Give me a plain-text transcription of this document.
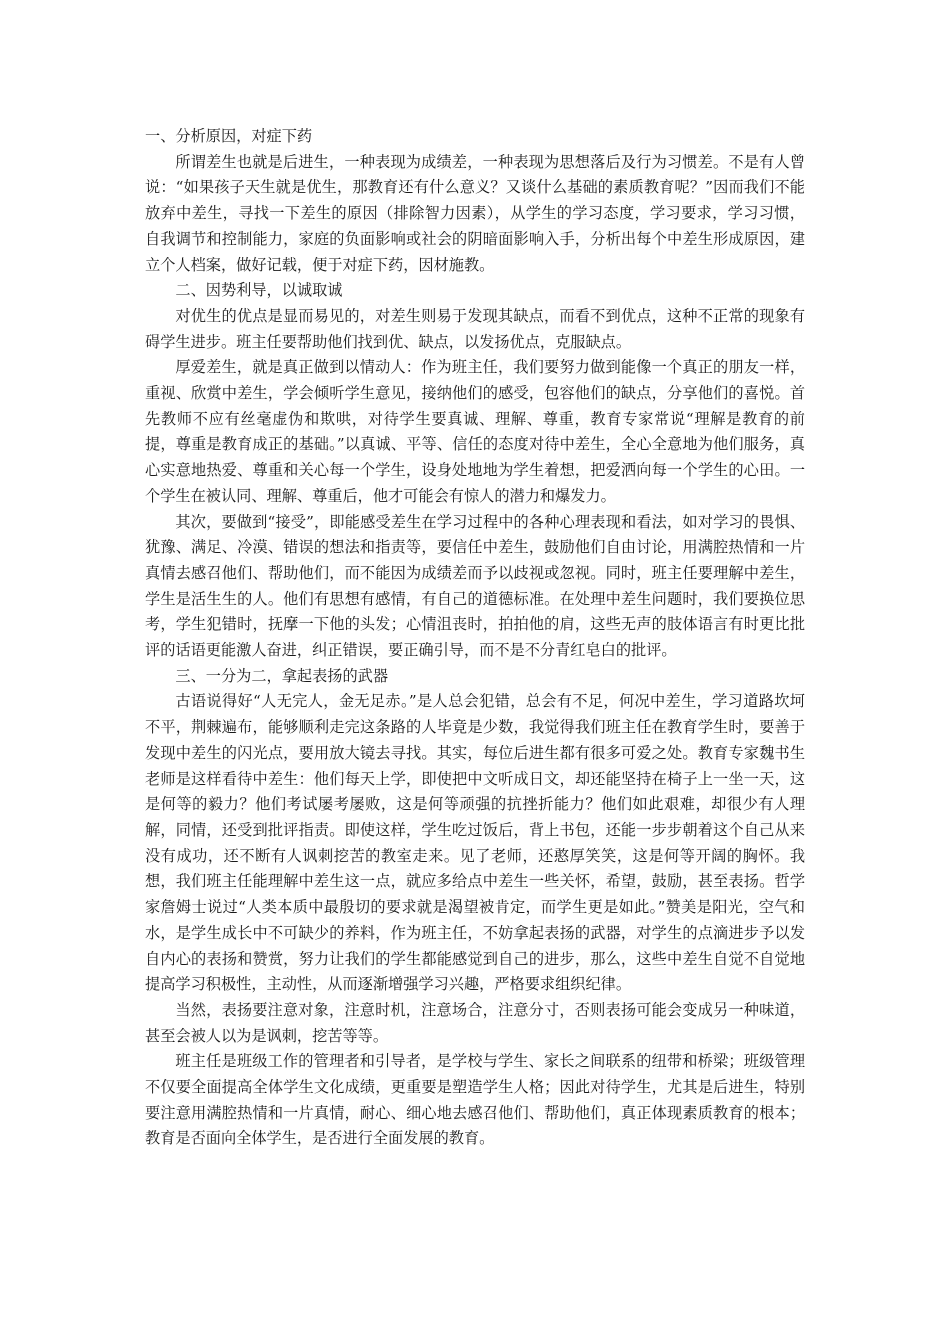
一、分析原因，对症下药

所谓差生也就是后进生，一种表现为成绩差，一种表现为思想落后及行为习惯差。不是有人曾说：“如果孩子天生就是优生，那教育还有什么意义？又谈什么基础的素质教育呢？”因而我们不能放弃中差生，寻找一下差生的原因（排除智力因素），从学生的学习态度，学习要求，学习习惯，自我调节和控制能力，家庭的负面影响或社会的阴暗面影响入手，分析出每个中差生形成原因，建立个人档案，做好记载，便于对症下药，因材施教。

二、因势利导，以诚取诚

对优生的优点是显而易见的，对差生则易于发现其缺点，而看不到优点，这种不正常的现象有碍学生进步。班主任要帮助他们找到优、缺点，以发扬优点，克服缺点。

厚爱差生，就是真正做到以情动人：作为班主任，我们要努力做到能像一个真正的朋友一样，重视、欣赏中差生，学会倾听学生意见，接纳他们的感受，包容他们的缺点，分享他们的喜悦。首先教师不应有丝毫虚伪和欺哄，对待学生要真诚、理解、尊重，教育专家常说“理解是教育的前提，尊重是教育成正的基础。”以真诚、平等、信任的态度对待中差生，全心全意地为他们服务，真心实意地热爱、尊重和关心每一个学生，设身处地地为学生着想，把爱洒向每一个学生的心田。一个学生在被认同、理解、尊重后，他才可能会有惊人的潜力和爆发力。

其次，要做到“接受”，即能感受差生在学习过程中的各种心理表现和看法，如对学习的畏惧、犹豫、满足、冷漠、错误的想法和指责等，要信任中差生，鼓励他们自由讨论，用满腔热情和一片真情去感召他们、帮助他们，而不能因为成绩差而予以歧视或忽视。同时，班主任要理解中差生，学生是活生生的人。他们有思想有感情，有自己的道德标准。在处理中差生问题时，我们要换位思考，学生犯错时，抚摩一下他的头发；心情沮丧时，拍拍他的肩，这些无声的肢体语言有时更比批评的话语更能激人奋进，纠正错误，要正确引导，而不是不分青红皂白的批评。

三、一分为二，拿起表扬的武器

古语说得好“人无完人，金无足赤。”是人总会犯错，总会有不足，何况中差生，学习道路坎坷不平，荆棘遍布，能够顺利走完这条路的人毕竟是少数，我觉得我们班主任在教育学生时，要善于发现中差生的闪光点，要用放大镜去寻找。其实，每位后进生都有很多可爱之处。教育专家魏书生老师是这样看待中差生：他们每天上学，即使把中文听成日文，却还能坚持在椅子上一坐一天，这是何等的毅力？他们考试屡考屡败，这是何等顽强的抗挫折能力？他们如此艰难，却很少有人理解，同情，还受到批评指责。即使这样，学生吃过饭后，背上书包，还能一步步朝着这个自己从来没有成功，还不断有人讽刺挖苦的教室走来。见了老师，还憨厚笑笑，这是何等开阔的胸怀。我想，我们班主任能理解中差生这一点，就应多给点中差生一些关怀，希望，鼓励，甚至表扬。哲学家詹姆士说过“人类本质中最殷切的要求就是渴望被肯定，而学生更是如此。”赞美是阳光，空气和水，是学生成长中不可缺少的养料，作为班主任，不妨拿起表扬的武器，对学生的点滴进步予以发自内心的表扬和赞赏，努力让我们的学生都能感觉到自己的进步，那么，这些中差生自觉不自觉地提高学习积极性，主动性，从而逐渐增强学习兴趣，严格要求组织纪律。

当然，表扬要注意对象，注意时机，注意场合，注意分寸，否则表扬可能会变成另一种味道，甚至会被人以为是讽刺，挖苦等等。

班主任是班级工作的管理者和引导者，是学校与学生、家长之间联系的纽带和桥梁；班级管理不仅要全面提高全体学生文化成绩，更重要是塑造学生人格；因此对待学生，尤其是后进生，特别要注意用满腔热情和一片真情，耐心、细心地去感召他们、帮助他们，真正体现素质教育的根本；教育是否面向全体学生，是否进行全面发展的教育。
